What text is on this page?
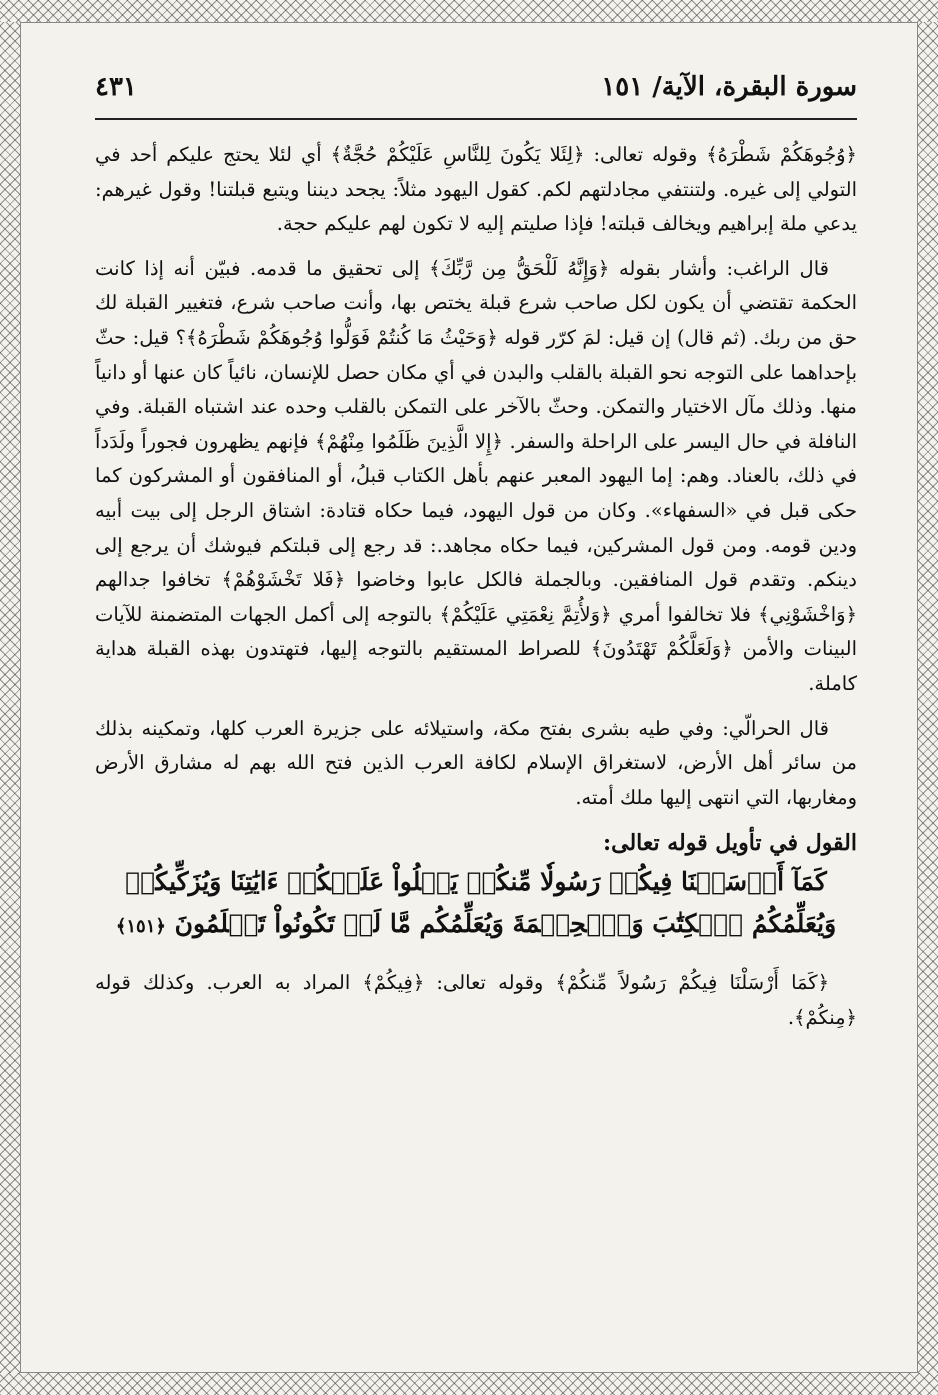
سورة البقرة، الآية/ ١٥١
٤٣١

﴿وُجُوهَكُمْ شَطْرَهُ﴾ وقوله تعالى: ﴿لِئَلا يَكُونَ لِلنَّاسِ عَلَيْكُمْ حُجَّةٌ﴾ أي لئلا يحتج عليكم أحد في التولي إلى غيره. ولتنتفي مجادلتهم لكم. كقول اليهود مثلاً: يجحد ديننا ويتبع قبلتنا! وقول غيرهم: يدعي ملة إبراهيم ويخالف قبلته! فإذا صليتم إليه لا تكون لهم عليكم حجة.

قال الراغب: وأشار بقوله ﴿وَإِنَّهُ لَلْحَقُّ مِن رَّبِّكَ﴾ إلى تحقيق ما قدمه. فبيّن أنه إذا كانت الحكمة تقتضي أن يكون لكل صاحب شرع قبلة يختص بها، وأنت صاحب شرع، فتغيير القبلة لك حق من ربك. (ثم قال) إن قيل: لمَ كرّر قوله ﴿وَحَيْثُ مَا كُنتُمْ فَوَلُّوا وُجُوهَكُمْ شَطْرَهُ﴾؟ قيل: حثّ بإحداهما على التوجه نحو القبلة بالقلب والبدن في أي مكان حصل للإنسان، نائياً كان عنها أو دانياً منها. وذلك مآل الاختيار والتمكن. وحثّ بالآخر على التمكن بالقلب وحده عند اشتباه القبلة. وفي النافلة في حال اليسر على الراحلة والسفر. ﴿إِلا الَّذِينَ ظَلَمُوا مِنْهُمْ﴾ فإنهم يظهرون فجوراً ولَدَداً في ذلك، بالعناد. وهم: إما اليهود المعبر عنهم بأهل الكتاب قبلُ، أو المنافقون أو المشركون كما حكى قبل في «السفهاء». وكان من قول اليهود، فيما حكاه قتادة: اشتاق الرجل إلى بيت أبيه ودين قومه. ومن قول المشركين، فيما حكاه مجاهد.: قد رجع إلى قبلتكم فيوشك أن يرجع إلى دينكم. وتقدم قول المنافقين. وبالجملة فالكل عابوا وخاضوا ﴿فَلا تَخْشَوْهُمْ﴾ تخافوا جدالهم ﴿وَاخْشَوْنِي﴾ فلا تخالفوا أمري ﴿وَلأُتِمَّ نِعْمَتِي عَلَيْكُمْ﴾ بالتوجه إلى أكمل الجهات المتضمنة للآيات البينات والأمن ﴿وَلَعَلَّكُمْ تَهْتَدُونَ﴾ للصراط المستقيم بالتوجه إليها، فتهتدون بهذه القبلة هداية كاملة.

قال الحرالّي: وفي طيه بشرى بفتح مكة، واستيلائه على جزيرة العرب كلها، وتمكينه بذلك من سائر أهل الأرض، لاستغراق الإسلام لكافة العرب الذين فتح الله بهم له مشارق الأرض ومغاربها، التي انتهى إليها ملك أمته.

القول في تأويل قوله تعالى:
كَمَآ أَرۡسَلۡنَا فِيكُمۡ رَسُولٗا مِّنكُمۡ يَتۡلُواْ عَلَيۡكُمۡ ءَايَٰتِنَا وَيُزَكِّيكُمۡ
وَيُعَلِّمُكُمُ ٱلۡكِتَٰبَ وَٱلۡحِكۡمَةَ وَيُعَلِّمُكُم مَّا لَمۡ تَكُونُواْ تَعۡلَمُونَ ﴿١٥١﴾

﴿كَمَا أَرْسَلْنَا فِيكُمْ رَسُولاً مِّنكُمْ﴾ وقوله تعالى: ﴿فِيكُمْ﴾ المراد به العرب. وكذلك قوله ﴿مِنكُمْ﴾.
